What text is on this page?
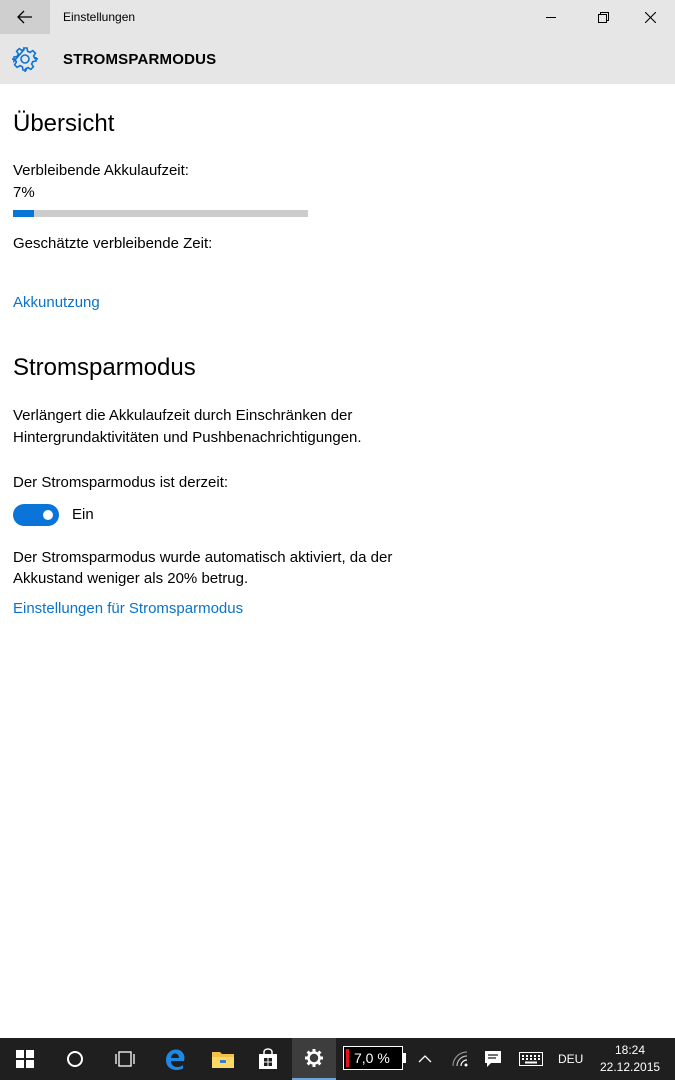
Einstellungen
STROMSPARMODUS
Übersicht
Verbleibende Akkulaufzeit:
7%
Geschätzte verbleibende Zeit:
Akkunutzung
Stromsparmodus
Verlängert die Akkulaufzeit durch Einschränken der
Hintergrundaktivitäten und Pushbenachrichtigungen.
Der Stromsparmodus ist derzeit:
Ein
Der Stromsparmodus wurde automatisch aktiviert, da der
Akkustand weniger als 20% betrug.
Einstellungen für Stromsparmodus
7,0 %	DEU
18:24
22.12.2015
